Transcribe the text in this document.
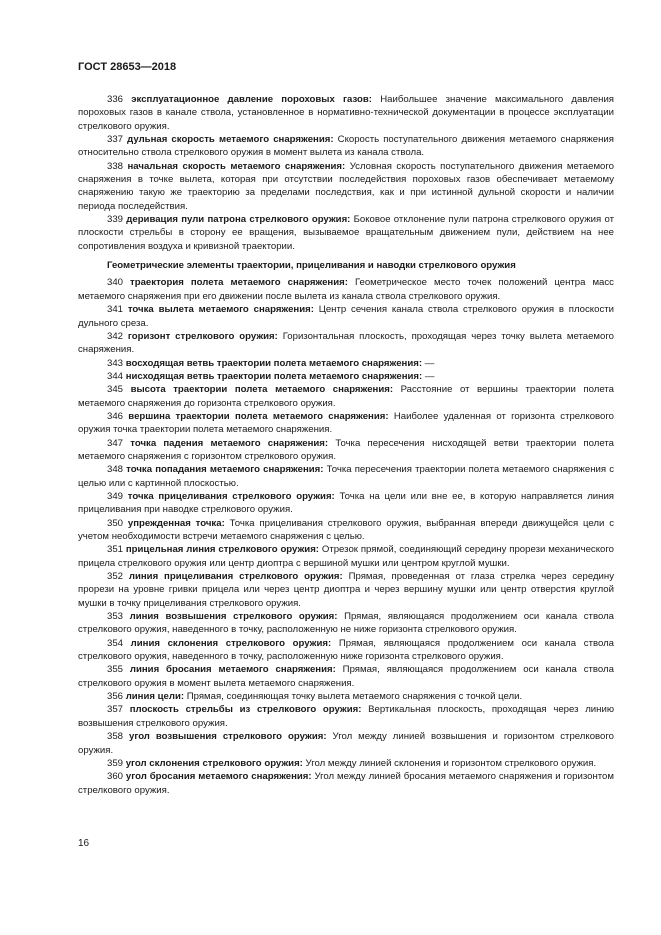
ГОСТ 28653—2018

336 эксплуатационное давление пороховых газов: Наибольшее значение максимального давления пороховых газов в канале ствола, установленное в нормативно-технической документации в процессе эксплуатации стрелкового оружия.

337 дульная скорость метаемого снаряжения: Скорость поступательного движения метаемого снаряжения относительно ствола стрелкового оружия в момент вылета из канала ствола.

338 начальная скорость метаемого снаряжения: Условная скорость поступательного движения метаемого снаряжения в точке вылета, которая при отсутствии последействия пороховых газов обеспечивает метаемому снаряжению такую же траекторию за пределами последствия, как и при истинной дульной скорости и наличии периода последействия.

339 деривация пули патрона стрелкового оружия: Боковое отклонение пули патрона стрелкового оружия от плоскости стрельбы в сторону ее вращения, вызываемое вращательным движением пули, действием на нее сопротивления воздуха и кривизной траектории.

Геометрические элементы траектории, прицеливания и наводки стрелкового оружия

340 траектория полета метаемого снаряжения: Геометрическое место точек положений центра масс метаемого снаряжения при его движении после вылета из канала ствола стрелкового оружия.

341 точка вылета метаемого снаряжения: Центр сечения канала ствола стрелкового оружия в плоскости дульного среза.

342 горизонт стрелкового оружия: Горизонтальная плоскость, проходящая через точку вылета метаемого снаряжения.

343 восходящая ветвь траектории полета метаемого снаряжения: —

344 нисходящая ветвь траектории полета метаемого снаряжения: —

345 высота траектории полета метаемого снаряжения: Расстояние от вершины траектории полета метаемого снаряжения до горизонта стрелкового оружия.

346 вершина траектории полета метаемого снаряжения: Наиболее удаленная от горизонта стрелкового оружия точка траектории полета метаемого снаряжения.

347 точка падения метаемого снаряжения: Точка пересечения нисходящей ветви траектории полета метаемого снаряжения с горизонтом стрелкового оружия.

348 точка попадания метаемого снаряжения: Точка пересечения траектории полета метаемого снаряжения с целью или с картинной плоскостью.

349 точка прицеливания стрелкового оружия: Точка на цели или вне ее, в которую направляется линия прицеливания при наводке стрелкового оружия.

350 упрежденная точка: Точка прицеливания стрелкового оружия, выбранная впереди движущейся цели с учетом необходимости встречи метаемого снаряжения с целью.

351 прицельная линия стрелкового оружия: Отрезок прямой, соединяющий середину прорези механического прицела стрелкового оружия или центр диоптра с вершиной мушки или центром круглой мушки.

352 линия прицеливания стрелкового оружия: Прямая, проведенная от глаза стрелка через середину прорези на уровне гривки прицела или через центр диоптра и через вершину мушки или центр отверстия круглой мушки в точку прицеливания стрелкового оружия.

353 линия возвышения стрелкового оружия: Прямая, являющаяся продолжением оси канала ствола стрелкового оружия, наведенного в точку, расположенную не ниже горизонта стрелкового оружия.

354 линия склонения стрелкового оружия: Прямая, являющаяся продолжением оси канала ствола стрелкового оружия, наведенного в точку, расположенную ниже горизонта стрелкового оружия.

355 линия бросания метаемого снаряжения: Прямая, являющаяся продолжением оси канала ствола стрелкового оружия в момент вылета метаемого снаряжения.

356 линия цели: Прямая, соединяющая точку вылета метаемого снаряжения с точкой цели.

357 плоскость стрельбы из стрелкового оружия: Вертикальная плоскость, проходящая через линию возвышения стрелкового оружия.

358 угол возвышения стрелкового оружия: Угол между линией возвышения и горизонтом стрелкового оружия.

359 угол склонения стрелкового оружия: Угол между линией склонения и горизонтом стрелкового оружия.

360 угол бросания метаемого снаряжения: Угол между линией бросания метаемого снаряжения и горизонтом стрелкового оружия.

16
